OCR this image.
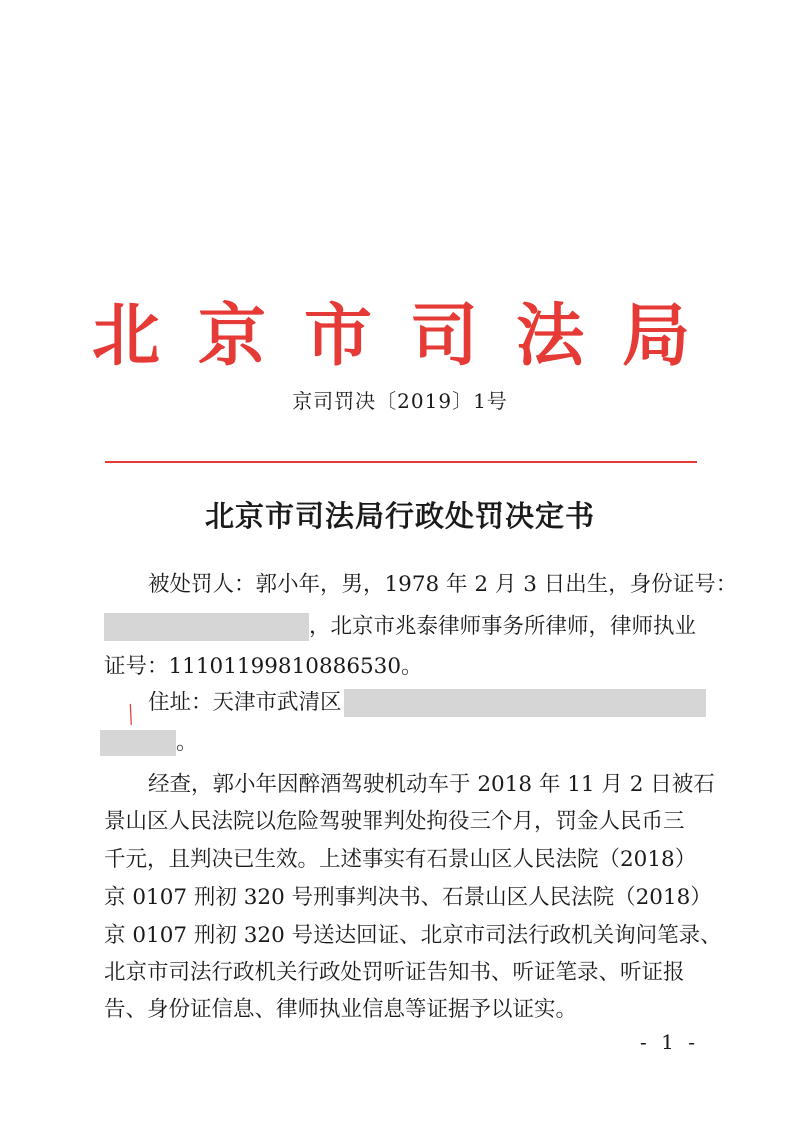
北京市司法局
京司罚决〔2019〕1号
北京市司法局行政处罚决定书
被处罚人：郭小年，男，1978 年 2 月 3 日出生，身份证号：
，北京市兆泰律师事务所律师，律师执业
证号：11101199810886530。
住址：天津市武清区
。
经查，郭小年因醉酒驾驶机动车于 2018 年 11 月 2 日被石
景山区人民法院以危险驾驶罪判处拘役三个月，罚金人民币三
千元，且判决已生效。上述事实有石景山区人民法院（2018）
京 0107 刑初 320 号刑事判决书、石景山区人民法院（2018）
京 0107 刑初 320 号送达回证、北京市司法行政机关询问笔录、
北京市司法行政机关行政处罚听证告知书、听证笔录、听证报
告、身份证信息、律师执业信息等证据予以证实。
- 1 -
╱
